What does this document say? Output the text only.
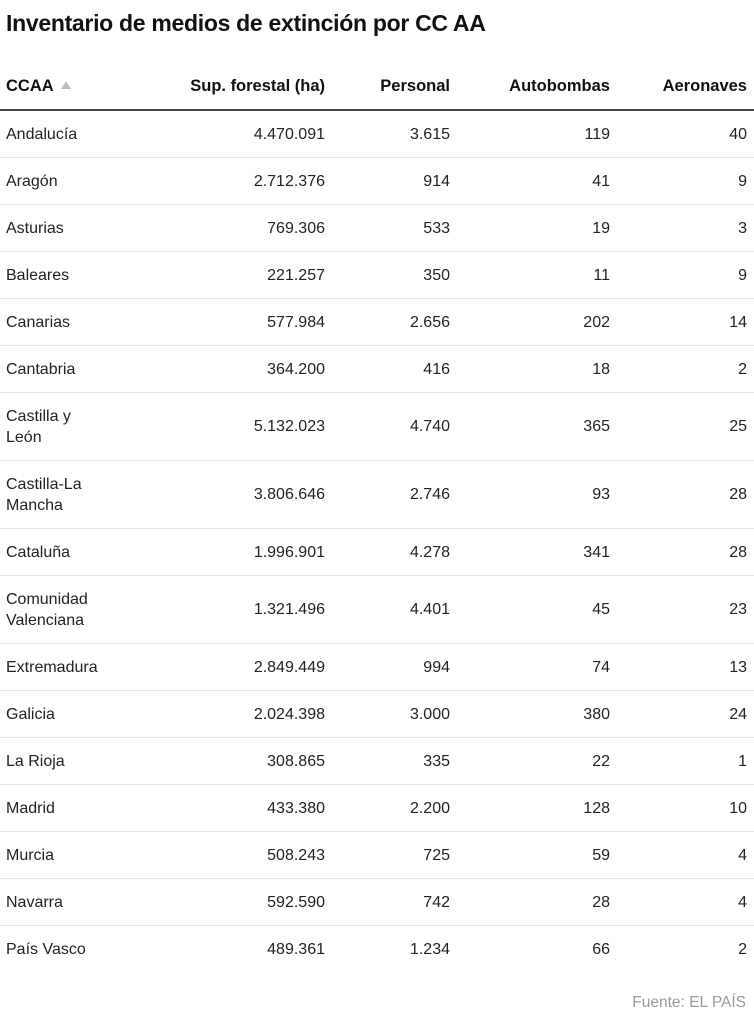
Inventario de medios de extinción por CC AA
CCAA	Sup. forestal (ha)	Personal	Autobombas	Aeronaves
Andalucía	4.470.091	3.615	119	40
Aragón	2.712.376	914	41	9
Asturias	769.306	533	19	3
Baleares	221.257	350	11	9
Canarias	577.984	2.656	202	14
Cantabria	364.200	416	18	2
Castilla y León	5.132.023	4.740	365	25
Castilla-La Mancha	3.806.646	2.746	93	28
Cataluña	1.996.901	4.278	341	28
Comunidad Valenciana	1.321.496	4.401	45	23
Extremadura	2.849.449	994	74	13
Galicia	2.024.398	3.000	380	24
La Rioja	308.865	335	22	1
Madrid	433.380	2.200	128	10
Murcia	508.243	725	59	4
Navarra	592.590	742	28	4
País Vasco	489.361	1.234	66	2
Fuente: EL PAÍS
